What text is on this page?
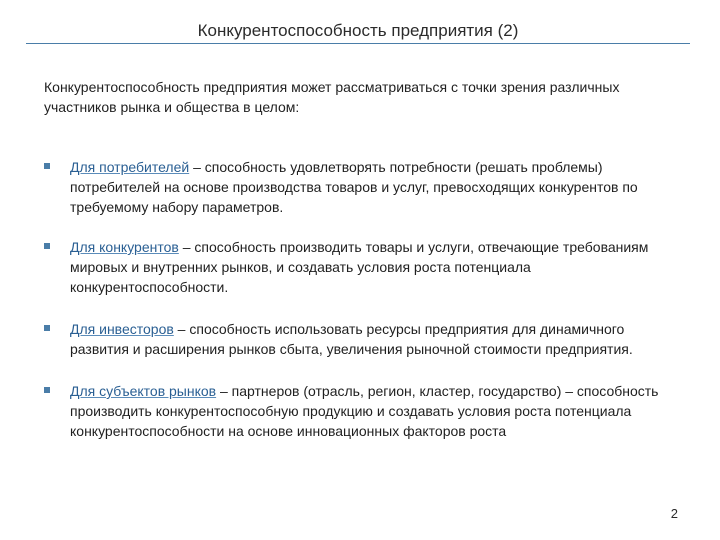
Конкурентоспособность предприятия (2)
Конкурентоспособность предприятия может рассматриваться с точки зрения различных участников рынка и общества в целом:
Для потребителей – способность удовлетворять потребности (решать проблемы) потребителей на основе производства товаров и услуг, превосходящих конкурентов по требуемому набору параметров.
Для конкурентов – способность производить товары и услуги, отвечающие требованиям мировых и внутренних рынков, и создавать условия роста потенциала конкурентоспособности.
Для инвесторов – способность использовать ресурсы предприятия для динамичного развития и расширения рынков сбыта, увеличения рыночной стоимости предприятия.
Для субъектов рынков – партнеров (отрасль, регион, кластер, государство) – способность производить конкурентоспособную продукцию и создавать условия роста потенциала конкурентоспособности на основе инновационных факторов роста
2
